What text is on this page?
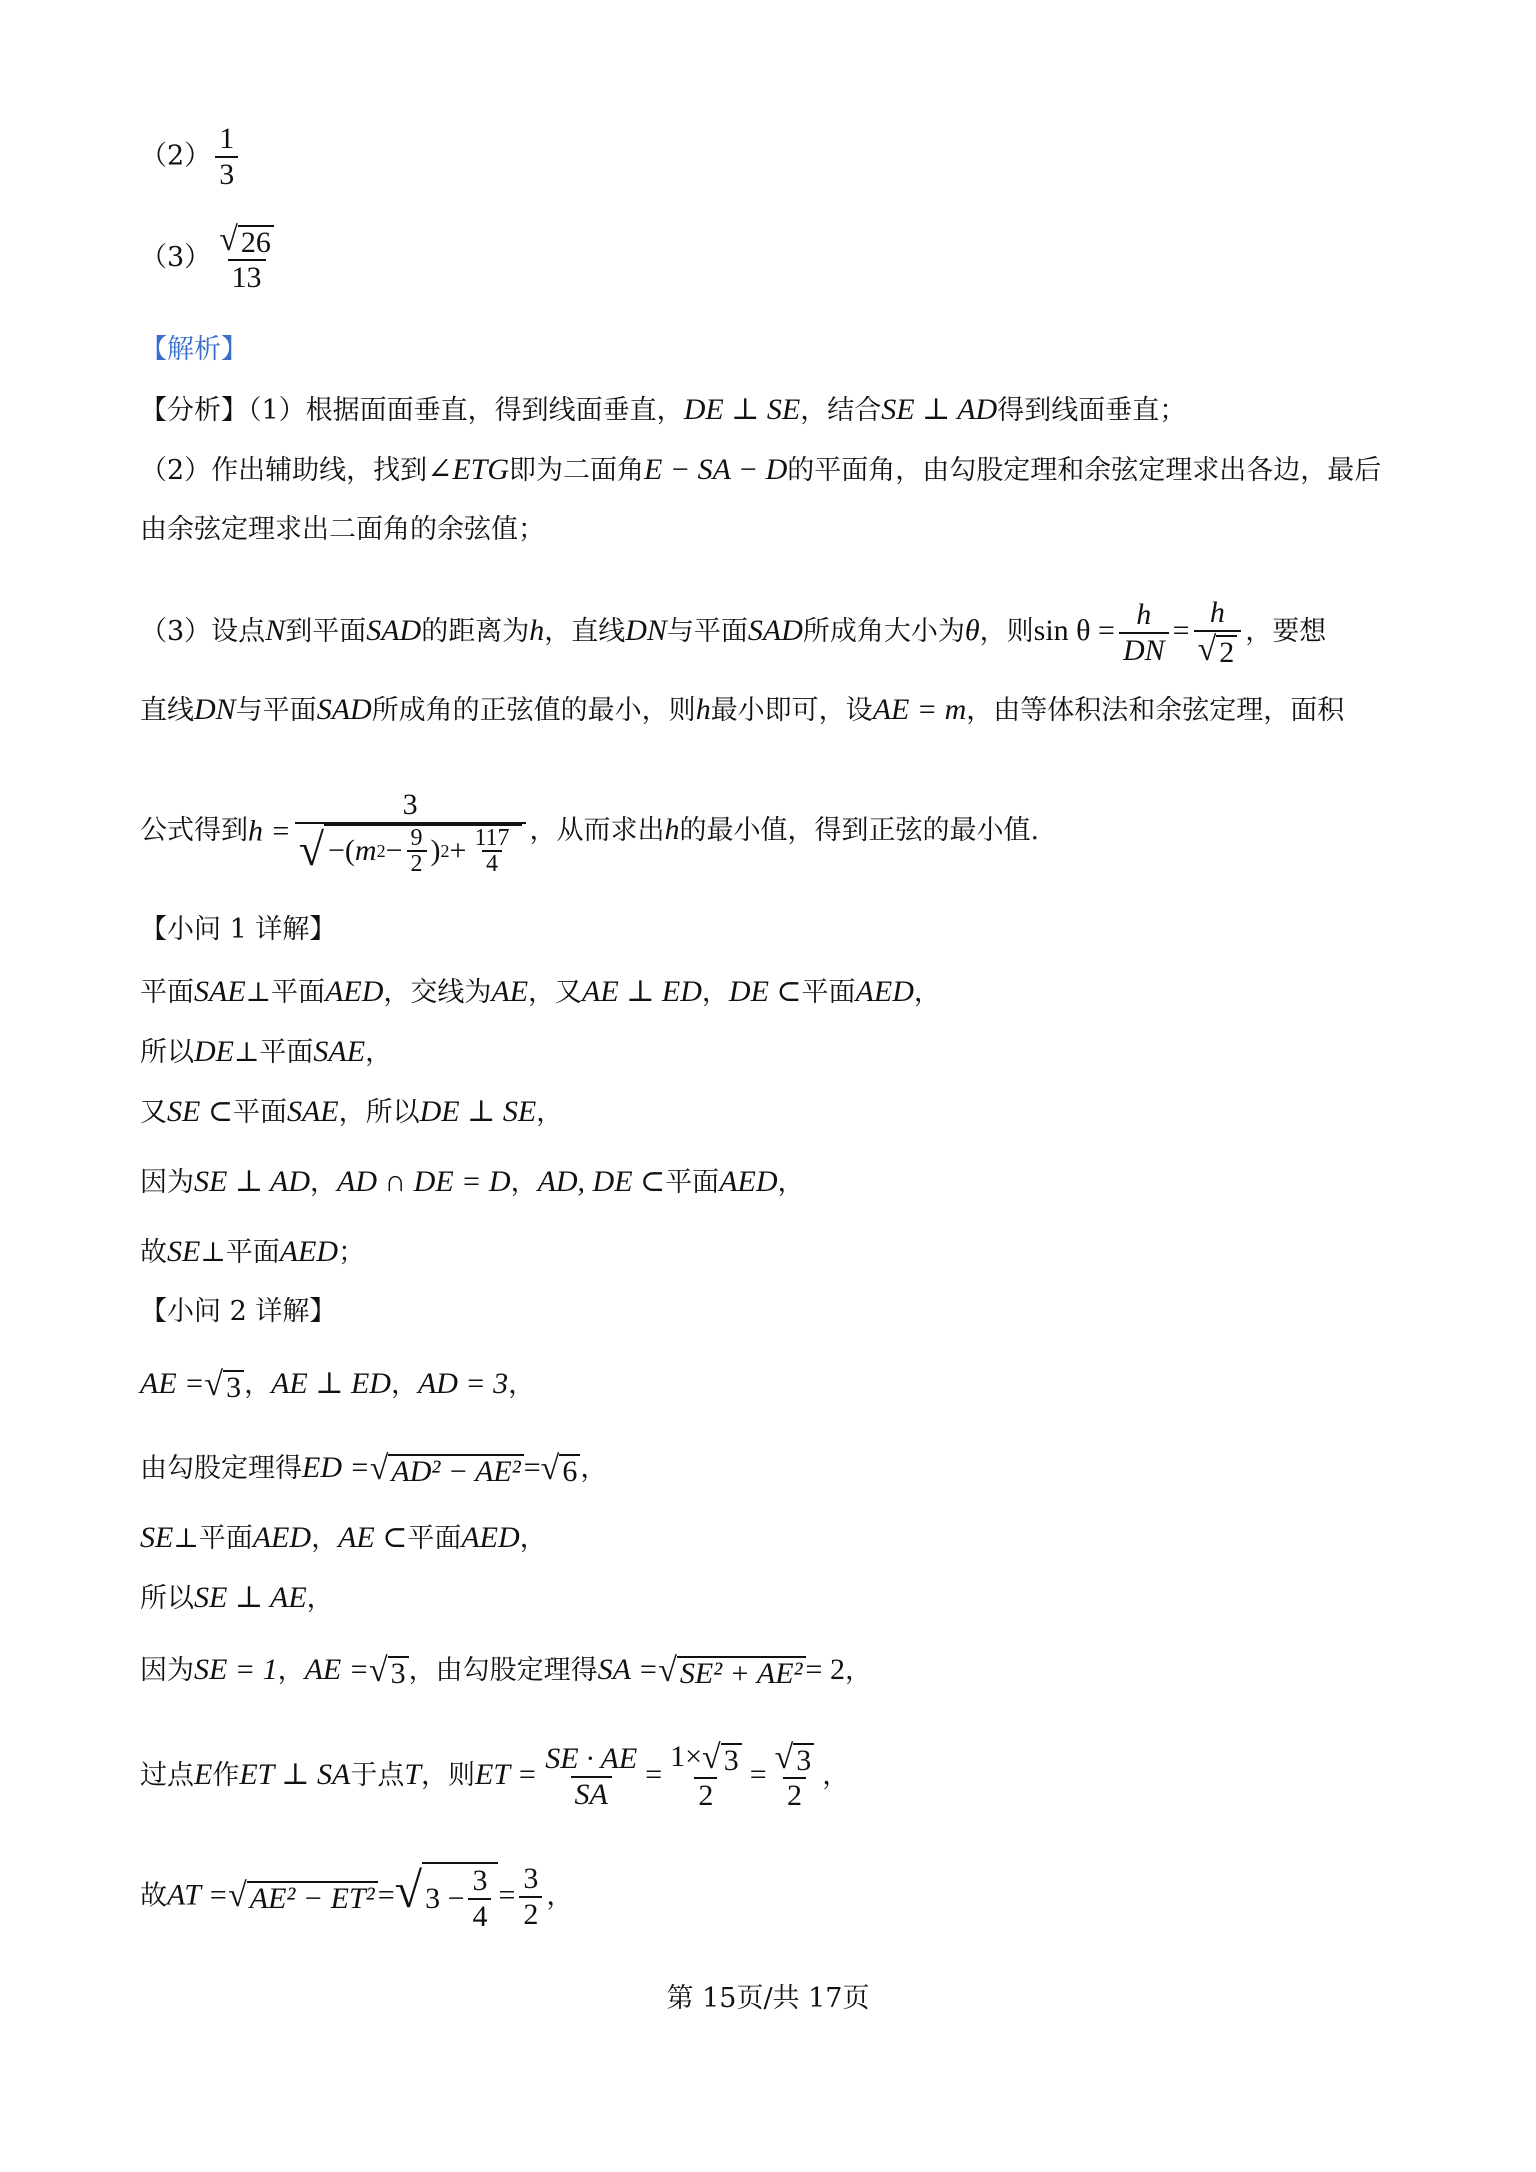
$(2) \frac{1}{3}$
$(3) \frac{√ 26}{13}$
【解析】
【分析】（1）根据面面垂直，得到线面垂直，DE ⊥ SE，结合SE ⊥ AD得到线面垂直；
（2）作出辅助线，找到∠ETG即为二面角E − SA − D的平面角，由勾股定理和余弦定理求出各边，最后
由余弦定理求出二面角的余弦值；
（3）设点N到平面SAD的距离为h，直线DN与平面SAD所成角大小为θ，则$\sin \theta = \frac{h}{DN} = \frac{h}{√ 2}$ ，要想
直线DN与平面SAD所成角的正弦值的最小，则h最小即可，设AE = m，由等体积法和余弦定理，面积
公式得到$h = \frac{3}{√ -( m 2 - \frac{9}{2} ) 2 + \frac{117}{4}}$ ，从而求出h的最小值，得到正弦的最小值.
【小问 1 详解】
平面SAE⊥平面AED，交线为AE，又AE ⊥ ED，DE ⊂平面AED，
所以DE⊥平面SAE，
又SE ⊂平面SAE，所以DE ⊥ SE，
因为SE ⊥ AD，AD ∩ DE = D，AD, DE ⊂平面AED，
故SE⊥平面AED；
【小问 2 详解】
AE = √ 3 ，AE ⊥ ED，AD = 3，
由勾股定理得ED = √ AD² − AE² = √ 6 ，
SE⊥平面AED，AE ⊂平面AED，
所以SE ⊥ AE，
因为SE = 1，AE = √ 3 ，由勾股定理得SA = √ SE² + AE² = 2，
过点E作ET ⊥ SA于点T，则ET = $\frac{SE \cdot AE}{SA} = \frac{1\times √ 3}{2} = \frac{√ 3}{2}$ ，
故AT = √ AE² − ET² = √ $3 - \frac{3}{4} = \frac{3}{2}$ ，
第 15页/共 17页
